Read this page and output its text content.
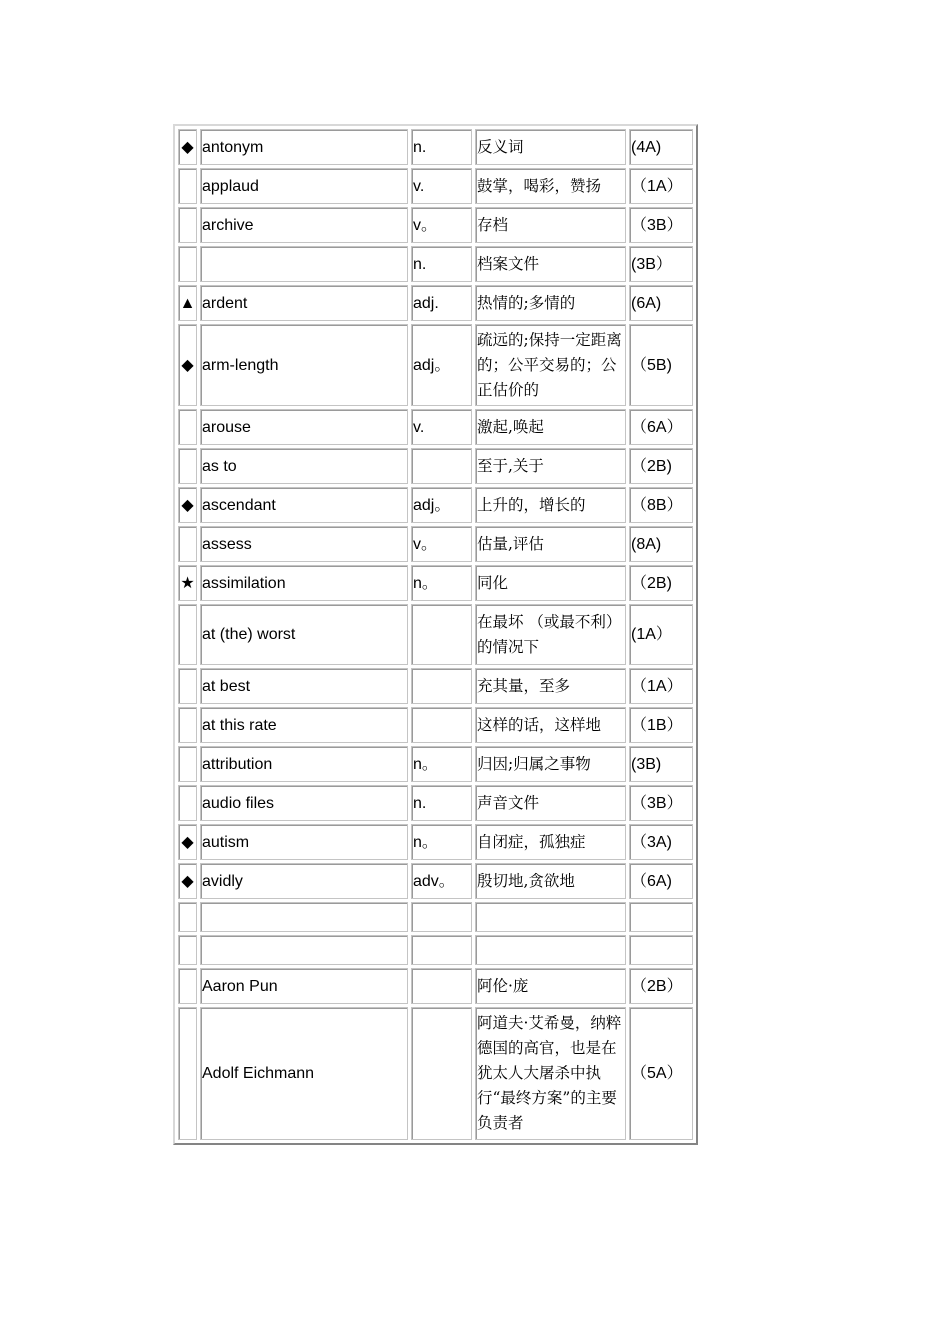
◆	antonym	n.	反义词	(4A)
	applaud	v.	鼓掌，喝彩，赞扬	（1A）
	archive	v。	存档	（3B）
		n.	档案文件	(3B）
▲	ardent	adj.	热情的;多情的	(6A)
◆	arm-length	adj。	疏远的;保持一定距离的；公平交易的；公正估价的	（5B)
	arouse	v.	激起,唤起	（6A）
	as to		至于,关于	（2B)
◆	ascendant	adj。	上升的，增长的	（8B）
	assess	v。	估量,评估	(8A)
★	assimilation	n。	同化	（2B)
	at (the) worst		在最坏 （或最不利）的情况下	(1A）
	at best		充其量，至多	（1A）
	at this rate		这样的话，这样地	（1B）
	attribution	n。	归因;归属之事物	(3B)
	audio files	n.	声音文件	（3B）
◆	autism	n。	自闭症，孤独症	（3A)
◆	avidly	adv。	殷切地,贪欲地	（6A)

	Aaron Pun		阿伦·庞	（2B）
	Adolf Eichmann		阿道夫·艾希曼，纳粹德国的高官，也是在犹太人大屠杀中执行“最终方案”的主要负责者	（5A）
